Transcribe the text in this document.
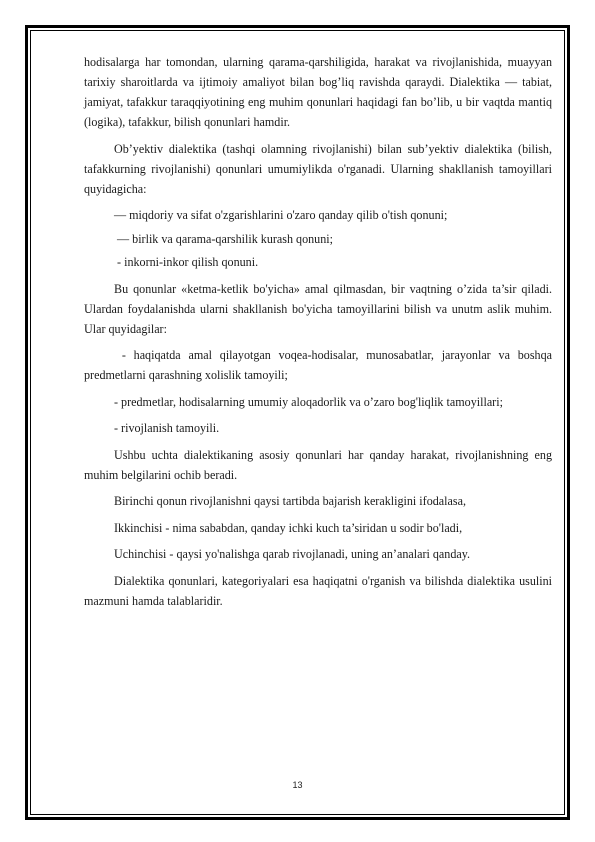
hodisalarga har tomondan, ularning qarama-qarshiligida, harakat va rivojlanishida, muayyan tarixiy sharoitlarda va ijtimoiy amaliyot bilan bog’liq ravishda qaraydi. Dialektika — tabiat, jamiyat, tafakkur taraqqiyotining eng muhim qonunlari haqidagi fan bo’lib, u bir vaqtda mantiq (logika), tafakkur, bilish qonunlari hamdir.

Ob’yektiv dialektika (tashqi olamning rivojlanishi) bilan sub’yektiv dialektika (bilish, tafakkurning rivojlanishi) qonunlari umumiylikda o'rganadi. Ularning shakllanish tamoyillari quyidagicha:

— miqdoriy va sifat o'zgarishlarini o'zaro qanday qilib o'tish qonuni;

— birlik va qarama-qarshilik kurash qonuni;

- inkorni-inkor qilish qonuni.

Bu qonunlar «ketma-ketlik bo'yicha» amal qilmasdan, bir vaqtning o’zida ta’sir qiladi. Ulardan foydalanishda ularni shakllanish bo'yicha tamoyillarini bilish va unutm aslik muhim. Ular quyidagilar:

- haqiqatda amal qilayotgan voqea-hodisalar, munosabatlar, jarayonlar va boshqa predmetlarni qarashning xolislik tamoyili;

- predmetlar, hodisalarning umumiy aloqadorlik va o’zaro bog'liqlik tamoyillari;

- rivojlanish tamoyili.

Ushbu uchta dialektikaning asosiy qonunlari har qanday harakat, rivojlanishning eng muhim belgilarini ochib beradi.

Birinchi qonun rivojlanishni qaysi tartibda bajarish kerakligini ifodalasa,

Ikkinchisi - nima sababdan, qanday ichki kuch ta’siridan u sodir bo'ladi,

Uchinchisi - qaysi yo'nalishga qarab rivojlanadi, uning an’analari qanday.

Dialektika qonunlari, kategoriyalari esa haqiqatni o'rganish va bilishda dialektika usulini mazmuni hamda talablaridir.

13
